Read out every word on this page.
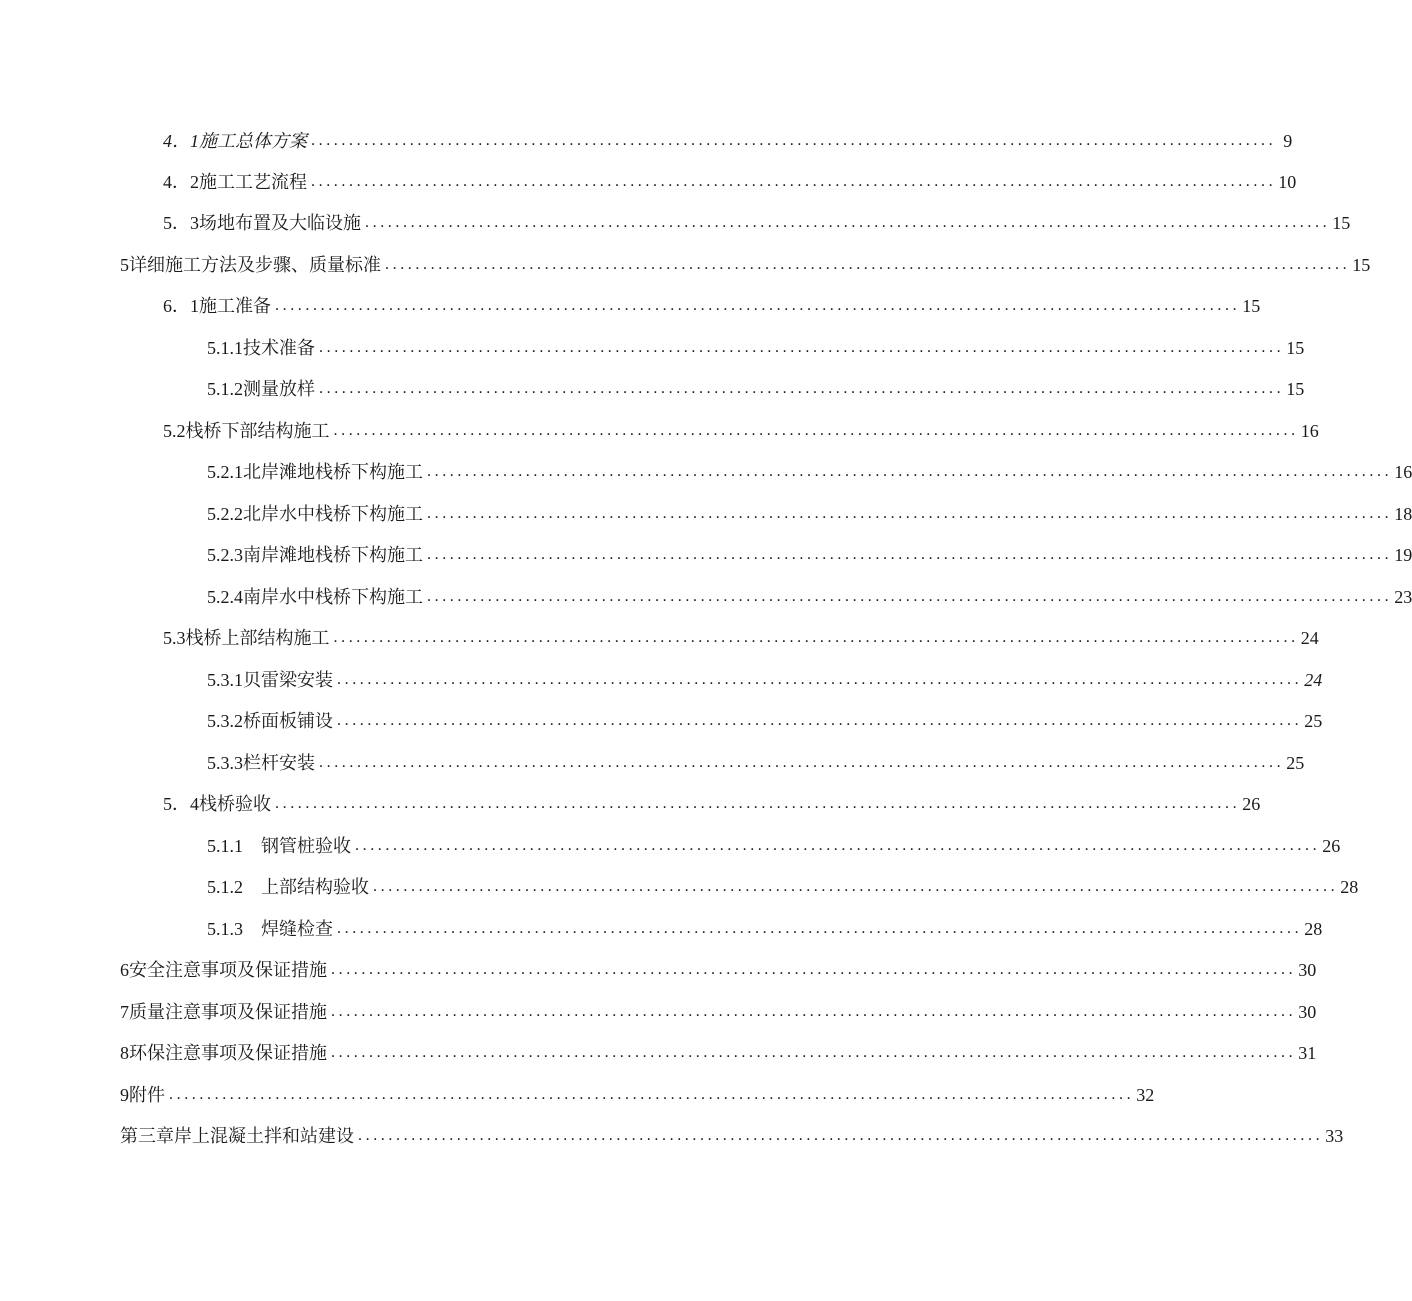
4．1施工总体方案 ............................................................................................................................... 9
4．2施工工艺流程 ............................................................................................................................... 10
5．3场地布置及大临设施 ............................................................................................................................... 15
5详细施工方法及步骤、质量标准 ............................................................................................................................... 15
6．1施工准备 ............................................................................................................................... 15
5.1.1技术准备 ............................................................................................................................... 15
5.1.2测量放样 ............................................................................................................................... 15
5.2栈桥下部结构施工 ............................................................................................................................... 16
5.2.1北岸滩地栈桥下构施工 ............................................................................................................................... 16
5.2.2北岸水中栈桥下构施工 ............................................................................................................................... 18
5.2.3南岸滩地栈桥下构施工 ............................................................................................................................... 19
5.2.4南岸水中栈桥下构施工 ............................................................................................................................... 23
5.3栈桥上部结构施工 ............................................................................................................................... 24
5.3.1贝雷梁安装 ............................................................................................................................... 24
5.3.2桥面板铺设 ............................................................................................................................... 25
5.3.3栏杆安装 ............................................................................................................................... 25
5．4栈桥验收 ............................................................................................................................... 26
5.1.1    钢管桩验收 ............................................................................................................................... 26
5.1.2    上部结构验收 ............................................................................................................................... 28
5.1.3    焊缝检查 ............................................................................................................................... 28
6安全注意事项及保证措施 ............................................................................................................................... 30
7质量注意事项及保证措施 ............................................................................................................................... 30
8环保注意事项及保证措施 ............................................................................................................................... 31
9附件 ............................................................................................................................... 32
第三章岸上混凝土拌和站建设 ............................................................................................................................... 33
